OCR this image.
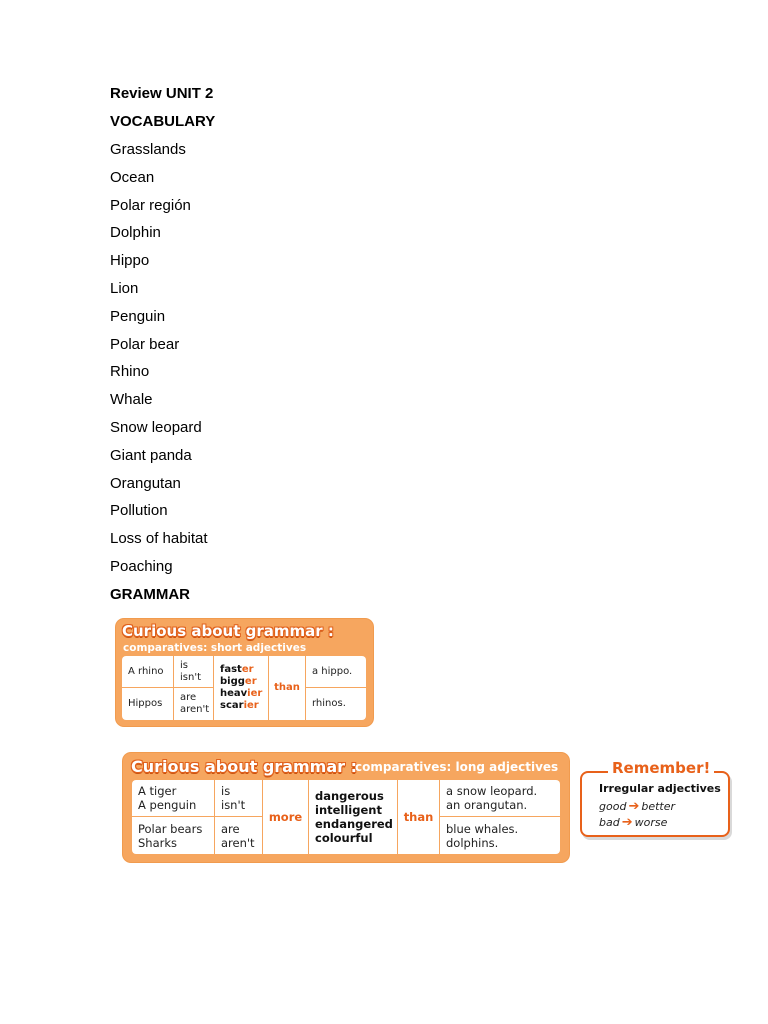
Review UNIT 2
VOCABULARY
Grasslands
Ocean
Polar región
Dolphin
Hippo
Lion
Penguin
Polar bear
Rhino
Whale
Snow leopard
Giant panda
Orangutan
Pollution
Loss of habitat
Poaching
GRAMMAR
Curious about grammar :
comparatives: short adjectives
A rhino
is
isn't
faster
bigger
heavier
scarier
than
a hippo.
Hippos
are
aren't
rhinos.
Curious about grammar :
comparatives: long adjectives
A tiger
A penguin
is
isn't
more
dangerous
intelligent
endangered
colourful
than
a snow leopard.
an orangutan.
Polar bears
Sharks
are
aren't
blue whales.
dolphins.
Remember!
Irregular adjectives
good ➔ better
bad ➔ worse
